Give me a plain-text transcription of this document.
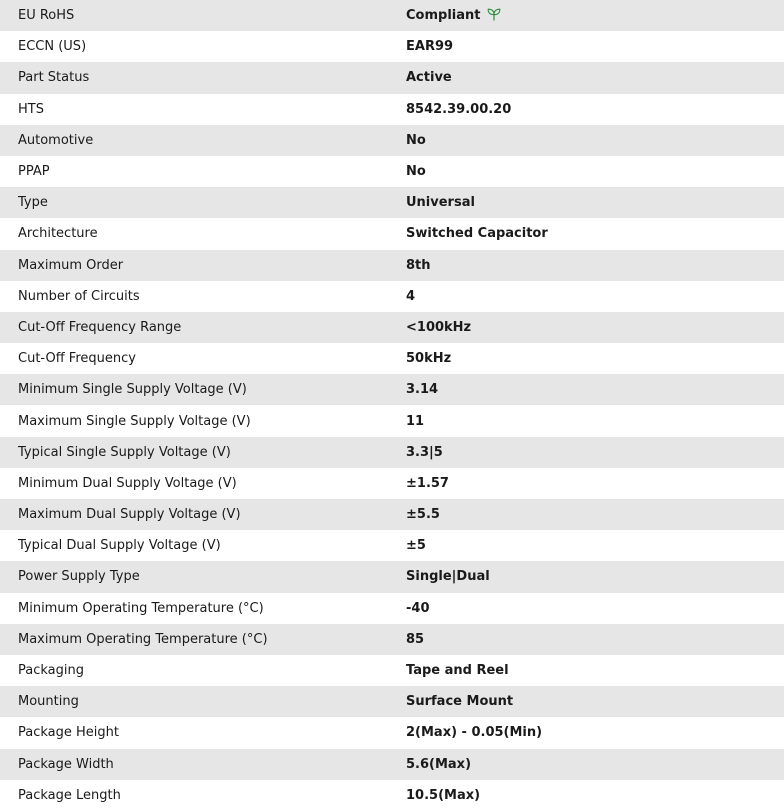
EU RoHS	Compliant
ECCN (US)	EAR99
Part Status	Active
HTS	8542.39.00.20
Automotive	No
PPAP	No
Type	Universal
Architecture	Switched Capacitor
Maximum Order	8th
Number of Circuits	4
Cut-Off Frequency Range	<100kHz
Cut-Off Frequency	50kHz
Minimum Single Supply Voltage (V)	3.14
Maximum Single Supply Voltage (V)	11
Typical Single Supply Voltage (V)	3.3|5
Minimum Dual Supply Voltage (V)	±1.57
Maximum Dual Supply Voltage (V)	±5.5
Typical Dual Supply Voltage (V)	±5
Power Supply Type	Single|Dual
Minimum Operating Temperature (°C)	-40
Maximum Operating Temperature (°C)	85
Packaging	Tape and Reel
Mounting	Surface Mount
Package Height	2(Max) - 0.05(Min)
Package Width	5.6(Max)
Package Length	10.5(Max)
